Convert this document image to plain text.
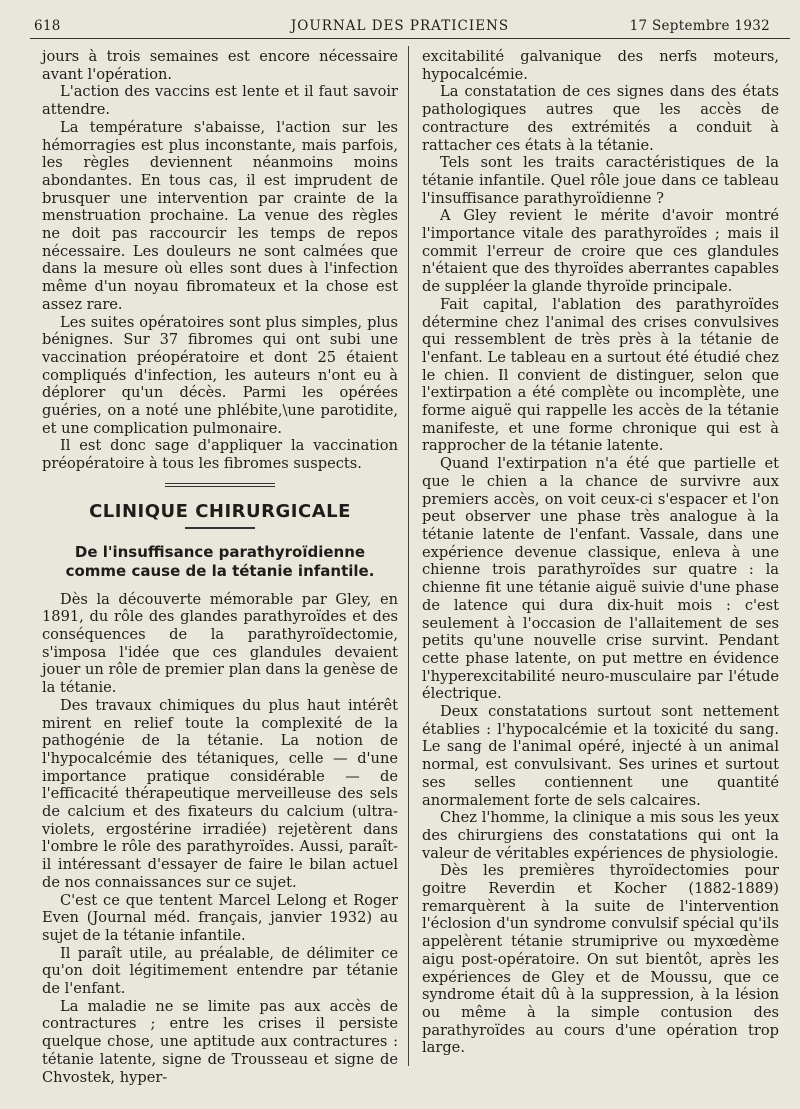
618	JOURNAL DES PRATICIENS	17 Septembre 1932

jours à trois semaines est encore nécessaire avant l'opération.

L'action des vaccins est lente et il faut savoir attendre.

La température s'abaisse, l'action sur les hémorragies est plus inconstante, mais parfois, les règles deviennent néanmoins moins abondantes. En tous cas, il est imprudent de brusquer une intervention par crainte de la menstruation prochaine. La venue des règles ne doit pas raccourcir les temps de repos nécessaire. Les douleurs ne sont calmées que dans la mesure où elles sont dues à l'infection même d'un noyau fibromateux et la chose est assez rare.

Les suites opératoires sont plus simples, plus bénignes. Sur 37 fibromes qui ont subi une vaccination préopératoire et dont 25 étaient compliqués d'infection, les auteurs n'ont eu à déplorer qu'un décès. Parmi les opérées guéries, on a noté une phlébite,\une parotidite, et une complication pulmonaire.

Il est donc sage d'appliquer la vaccination préopératoire à tous les fibromes suspects.

CLINIQUE CHIRURGICALE
De l'insuffisance parathyroïdienne
comme cause de la tétanie infantile.

Dès la découverte mémorable par Gley, en 1891, du rôle des glandes parathyroïdes et des conséquences de la parathyroïdectomie, s'imposa l'idée que ces glandules devaient jouer un rôle de premier plan dans la genèse de la tétanie.

Des travaux chimiques du plus haut intérêt mirent en relief toute la complexité de la pathogénie de la tétanie. La notion de l'hypocalcémie des tétaniques, celle — d'une importance pratique considérable — de l'efficacité thérapeutique merveilleuse des sels de calcium et des fixateurs du calcium (ultra-violets, ergostérine irradiée) rejetèrent dans l'ombre le rôle des parathyroïdes. Aussi, paraît-il intéressant d'essayer de faire le bilan actuel de nos connaissances sur ce sujet.

C'est ce que tentent Marcel Lelong et Roger Even (Journal méd. français, janvier 1932) au sujet de la tétanie infantile.

Il paraît utile, au préalable, de délimiter ce qu'on doit légitimement entendre par tétanie de l'enfant.

La maladie ne se limite pas aux accès de contractures ; entre les crises il persiste quelque chose, une aptitude aux contractures : tétanie latente, signe de Trousseau et signe de Chvostek, hyper-

excitabilité galvanique des nerfs moteurs, hypocalcémie.

La constatation de ces signes dans des états pathologiques autres que les accès de contracture des extrémités a conduit à rattacher ces états à la tétanie.

Tels sont les traits caractéristiques de la tétanie infantile. Quel rôle joue dans ce tableau l'insuffisance parathyroïdienne ?

A Gley revient le mérite d'avoir montré l'importance vitale des parathyroïdes ; mais il commit l'erreur de croire que ces glandules n'étaient que des thyroïdes aberrantes capables de suppléer la glande thyroïde principale.

Fait capital, l'ablation des parathyroïdes détermine chez l'animal des crises convulsives qui ressemblent de très près à la tétanie de l'enfant. Le tableau en a surtout été étudié chez le chien. Il convient de distinguer, selon que l'extirpation a été complète ou incomplète, une forme aiguë qui rappelle les accès de la tétanie manifeste, et une forme chronique qui est à rapprocher de la tétanie latente.

Quand l'extirpation n'a été que partielle et que le chien a la chance de survivre aux premiers accès, on voit ceux-ci s'espacer et l'on peut observer une phase très analogue à la tétanie latente de l'enfant. Vassale, dans une expérience devenue classique, enleva à une chienne trois parathyroïdes sur quatre : la chienne fit une tétanie aiguë suivie d'une phase de latence qui dura dix-huit mois : c'est seulement à l'occasion de l'allaitement de ses petits qu'une nouvelle crise survint. Pendant cette phase latente, on put mettre en évidence l'hyperexcitabilité neuro-musculaire par l'étude électrique.

Deux constatations surtout sont nettement établies : l'hypocalcémie et la toxicité du sang. Le sang de l'animal opéré, injecté à un animal normal, est convulsivant. Ses urines et surtout ses selles contiennent une quantité anormalement forte de sels calcaires.

Chez l'homme, la clinique a mis sous les yeux des chirurgiens des constatations qui ont la valeur de véritables expériences de physiologie.

Dès les premières thyroïdectomies pour goitre Reverdin et Kocher (1882-1889) remarquèrent à la suite de l'intervention l'éclosion d'un syndrome convulsif spécial qu'ils appelèrent tétanie strumiprive ou myxœdème aigu post-opératoire. On sut bientôt, après les expériences de Gley et de Moussu, que ce syndrome était dû à la suppression, à la lésion ou même à la simple contusion des parathyroïdes au cours d'une opération trop large.
